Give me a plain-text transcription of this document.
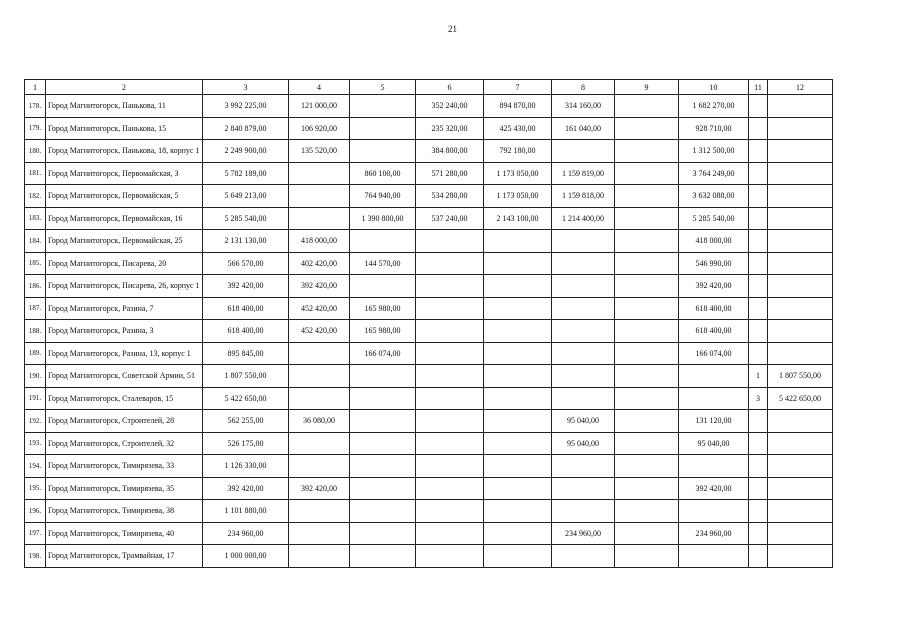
21
1	2	3	4	5	6	7	8	9	10	11	12
178.	Город Магнитогорск, Панькова, 11	3 992 225,00	121 000,00		352 240,00	894 870,00	314 160,00		1 682 270,00		
179.	Город Магнитогорск, Панькова, 15	2 840 879,00	106 920,00		235 320,00	425 430,00	161 040,00		928 710,00		
180.	Город Магнитогорск, Панькова, 18, корпус 1	2 249 900,00	135 520,00		384 800,00	792 180,00			1 312 500,00		
181.	Город Магнитогорск, Первомайская, 3	5 782 189,00		860 100,00	571 280,00	1 173 050,00	1 159 819,00		3 764 249,00		
182.	Город Магнитогорск, Первомайская, 5	5 649 213,00		764 940,00	534 280,00	1 173 050,00	1 159 818,00		3 632 088,00		
183.	Город Магнитогорск, Первомайская, 16	5 285 540,00		1 390 800,00	537 240,00	2 143 100,00	1 214 400,00		5 285 540,00		
184.	Город Магнитогорск, Первомайская, 25	2 131 130,00	418 000,00						418 000,00		
185.	Город Магнитогорск, Писарева, 20	566 570,00	402 420,00	144 570,00					546 990,00		
186.	Город Магнитогорск, Писарева, 26, корпус 1	392 420,00	392 420,00						392 420,00		
187.	Город Магнитогорск, Разина, 7	618 400,00	452 420,00	165 980,00					618 400,00		
188.	Город Магнитогорск, Разина, 3	618 400,00	452 420,00	165 980,00					618 400,00		
189.	Город Магнитогорск, Разина, 13, корпус 1	895 845,00		166 074,00					166 074,00		
190.	Город Магнитогорск, Советской Армии, 51	1 807 550,00								1	1 807 550,00
191.	Город Магнитогорск, Сталеваров, 15	5 422 650,00								3	5 422 650,00
192.	Город Магнитогорск, Строителей, 28	562 255,00	36 080,00				95 040,00		131 120,00		
193.	Город Магнитогорск, Строителей, 32	526 175,00					95 040,00		95 040,00		
194.	Город Магнитогорск, Тимирязева, 33	1 126 330,00									
195.	Город Магнитогорск, Тимирязева, 35	392 420,00	392 420,00						392 420,00		
196.	Город Магнитогорск, Тимирязева, 38	1 101 880,00									
197.	Город Магнитогорск, Тимирязева, 40	234 960,00					234 960,00		234 960,00		
198.	Город Магнитогорск, Трамвайная, 17	1 000 000,00									
